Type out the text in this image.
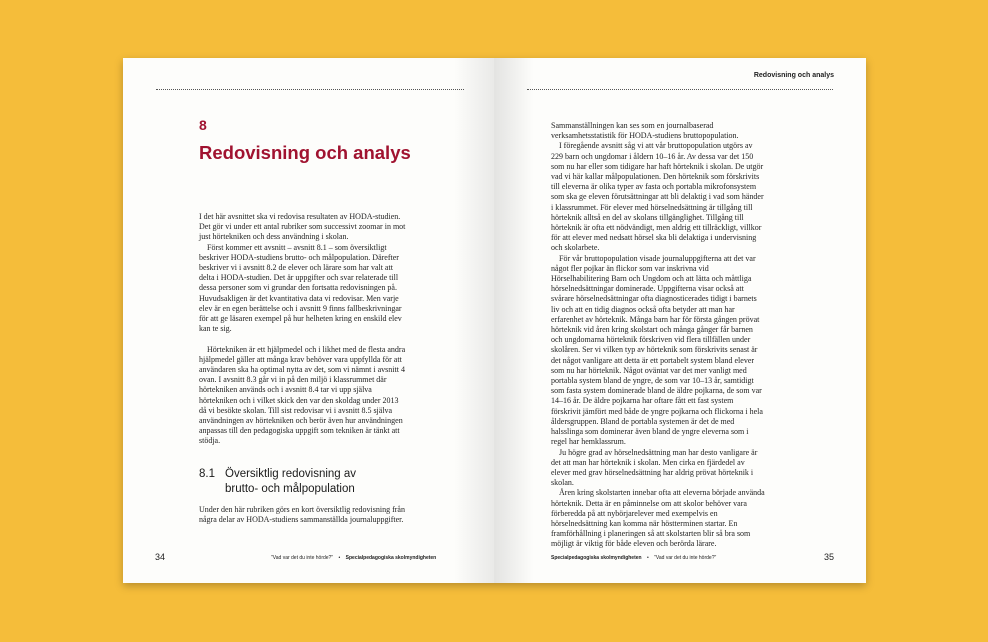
8
Redovisning och analys

I det här avsnittet ska vi redovisa resultaten av HODA-studien. Det gör vi under ett antal rubriker som successivt zoomar in mot just hörtekniken och dess användning i skolan.

Först kommer ett avsnitt – avsnitt 8.1 – som översiktligt beskriver HODA-studiens brutto- och målpopulation. Därefter beskriver vi i avsnitt 8.2 de elever och lärare som har valt att delta i HODA-studien. Det är uppgifter och svar relaterade till dessa personer som vi grundar den fortsatta redovisningen på. Huvudsakligen är det kvantitativa data vi redovisar. Men varje elev är en egen berättelse och i avsnitt 9 finns fallbeskrivningar för att ge läsaren exempel på hur helheten kring en enskild elev kan te sig.

Hörtekniken är ett hjälpmedel och i likhet med de flesta andra hjälpmedel gäller att många krav behöver vara uppfyllda för att användaren ska ha optimal nytta av det, som vi nämnt i avsnitt 4 ovan. I avsnitt 8.3 går vi in på den miljö i klassrummet där hörtekniken används och i avsnitt 8.4 tar vi upp själva hörtekniken och i vilket skick den var den skoldag under 2013 då vi besökte skolan. Till sist redovisar vi i avsnitt 8.5 själva användningen av hörtekniken och berör även hur användningen anpassas till den pedagogiska uppgift som tekniken är tänkt att stödja.

8.1 Översiktlig redovisning av
brutto- och målpopulation

Under den här rubriken görs en kort översiktlig redovisning från några delar av HODA-studiens sammanställda journaluppgifter.

34	"Vad var det du inte hörde?" • Specialpedagogiska skolmyndigheten
Redovisning och analys

Sammanställningen kan ses som en journalbaserad verksamhetsstatistik för HODA-studiens bruttopopulation.

I föregående avsnitt såg vi att vår bruttopopulation utgörs av 229 barn och ungdomar i åldern 10–16 år. Av dessa var det 150 som nu har eller som tidigare har haft hörteknik i skolan. De utgör vad vi här kallar målpopulationen. Den hörteknik som förskrivits till eleverna är olika typer av fasta och portabla mikrofonsystem som ska ge eleven förutsättningar att bli delaktig i vad som händer i klassrummet. För elever med hörselnedsättning är tillgång till hörteknik alltså en del av skolans tillgänglighet. Tillgång till hörteknik är ofta ett nödvändigt, men aldrig ett tillräckligt, villkor för att elever med nedsatt hörsel ska bli delaktiga i undervisning och skolarbete.

För vår bruttopopulation visade journaluppgifterna att det var något fler pojkar än flickor som var inskrivna vid Hörselhabilitering Barn och Ungdom och att lätta och måttliga hörselnedsättningar dominerade. Uppgifterna visar också att svårare hörselnedsättningar ofta diagnosticerades tidigt i barnets liv och att en tidig diagnos också ofta betyder att man har erfarenhet av hörteknik. Många barn har för första gången prövat hörteknik vid åren kring skolstart och många gånger får barnen och ungdomarna hörteknik förskriven vid flera tillfällen under skolåren. Ser vi vilken typ av hörteknik som förskrivits senast är det något vanligare att detta är ett portabelt system bland elever som nu har hörteknik. Något oväntat var det mer vanligt med portabla system bland de yngre, de som var 10–13 år, samtidigt som fasta system dominerade bland de äldre pojkarna, de som var 14–16 år. De äldre pojkarna har oftare fått ett fast system förskrivit jämfört med både de yngre pojkarna och flickorna i hela åldersgruppen. Bland de portabla systemen är det de med halsslinga som dominerar även bland de yngre eleverna som i regel har hemklassrum.

Ju högre grad av hörselnedsättning man har desto vanligare är det att man har hörteknik i skolan. Men cirka en fjärdedel av elever med grav hörselnedsättning har aldrig prövat hörteknik i skolan.

Åren kring skolstarten innebar ofta att eleverna började använda hörteknik. Detta är en påminnelse om att skolor behöver vara förberedda på att nybörjarelever med exempelvis en hörselnedsättning kan komma när höstterminen startar. En framförhållning i planeringen så att skolstarten blir så bra som möjligt är viktig för både eleven och berörda lärare.

Specialpedagogiska skolmyndigheten • "Vad var det du inte hörde?"	35
